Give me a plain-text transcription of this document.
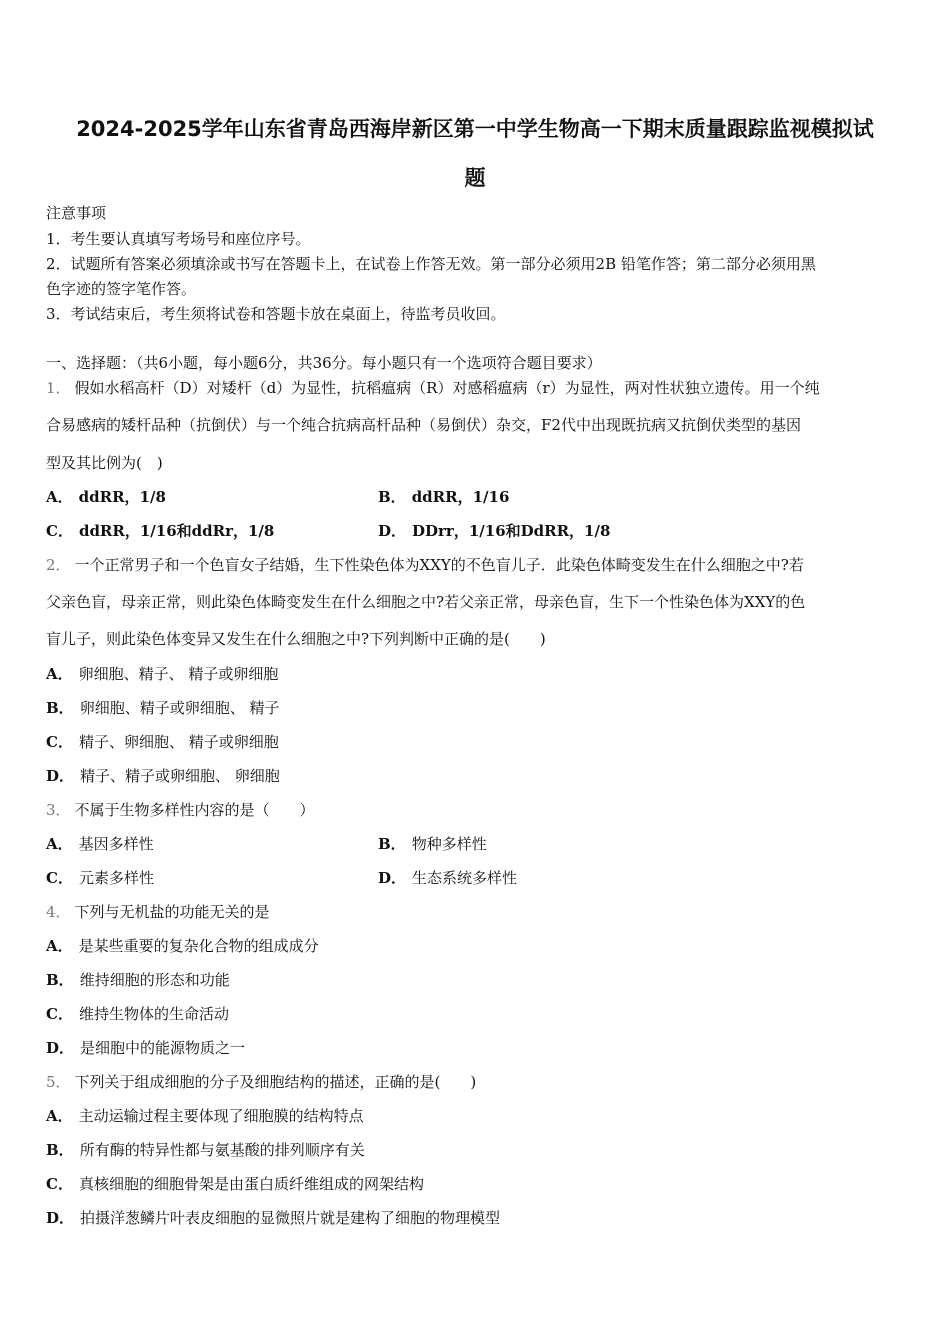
2024-2025学年山东省青岛西海岸新区第一中学生物高一下期末质量跟踪监视模拟试
题
注意事项
1．考生要认真填写考场号和座位序号。
2．试题所有答案必须填涂或书写在答题卡上，在试卷上作答无效。第一部分必须用2B 铅笔作答；第二部分必须用黑
色字迹的签字笔作答。
3．考试结束后，考生须将试卷和答题卡放在桌面上，待监考员收回。
一、选择题：（共6小题，每小题6分，共36分。每小题只有一个选项符合题目要求）
1． 假如水稻高杆（D）对矮杆（d）为显性，抗稻瘟病（R）对感稻瘟病（r）为显性，两对性状独立遗传。用一个纯
合易感病的矮杆品种（抗倒伏）与一个纯合抗病高杆品种（易倒伏）杂交，F2代中出现既抗病又抗倒伏类型的基因
型及其比例为(　)
A． ddRR，1/8	B． ddRR，1/16
C． ddRR，1/16和ddRr，1/8	D． DDrr，1/16和DdRR，1/8
2． 一个正常男子和一个色盲女子结婚，生下性染色体为XXY的不色盲儿子．此染色体畸变发生在什么细胞之中?若
父亲色盲，母亲正常，则此染色体畸变发生在什么细胞之中?若父亲正常，母亲色盲，生下一个性染色体为XXY的色
盲儿子，则此染色体变异又发生在什么细胞之中?下列判断中正确的是(　　)
A． 卵细胞、精子、 精子或卵细胞
B． 卵细胞、精子或卵细胞、 精子
C． 精子、卵细胞、 精子或卵细胞
D． 精子、精子或卵细胞、 卵细胞
3． 不属于生物多样性内容的是（　　）
A． 基因多样性	B． 物种多样性
C． 元素多样性	D． 生态系统多样性
4． 下列与无机盐的功能无关的是
A． 是某些重要的复杂化合物的组成成分
B． 维持细胞的形态和功能
C． 维持生物体的生命活动
D． 是细胞中的能源物质之一
5． 下列关于组成细胞的分子及细胞结构的描述，正确的是(　　)
A． 主动运输过程主要体现了细胞膜的结构特点
B． 所有酶的特异性都与氨基酸的排列顺序有关
C． 真核细胞的细胞骨架是由蛋白质纤维组成的网架结构
D． 拍摄洋葱鳞片叶表皮细胞的显微照片就是建构了细胞的物理模型
